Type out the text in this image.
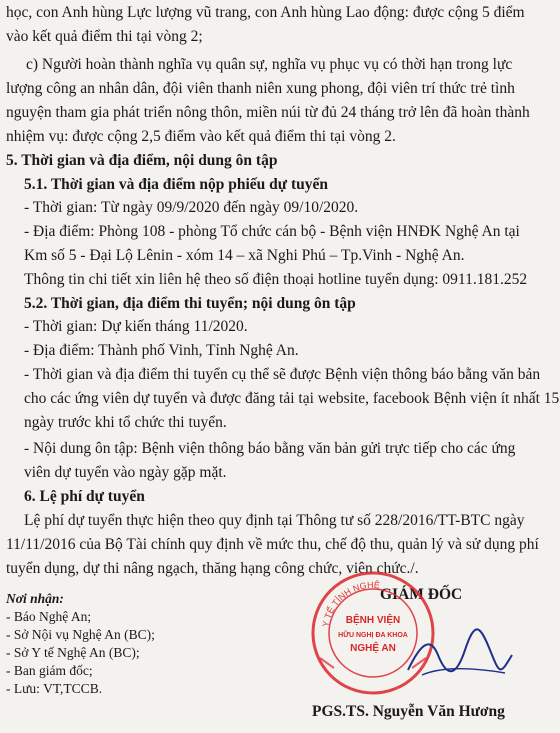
học, con Anh hùng Lực lượng vũ trang, con Anh hùng Lao động: được cộng 5 điểm
vào kết quả điểm thi tại vòng 2;
c) Người hoàn thành nghĩa vụ quân sự, nghĩa vụ phục vụ có thời hạn trong lực
lượng công an nhân dân, đội viên thanh niên xung phong, đội viên trí thức trẻ tình
nguyện tham gia phát triển nông thôn, miền núi từ đủ 24 tháng trở lên đã hoàn thành
nhiệm vụ: được cộng 2,5 điểm vào kết quả điểm thi tại vòng 2.
5. Thời gian và địa điểm, nội dung ôn tập
5.1. Thời gian và địa điểm nộp phiếu dự tuyển
- Thời gian: Từ ngày 09/9/2020 đến ngày 09/10/2020.
- Địa điểm: Phòng 108 - phòng Tổ chức cán bộ - Bệnh viện HNĐK Nghệ An tại
Km số 5 - Đại Lộ Lênin - xóm 14 – xã Nghi Phú – Tp.Vinh - Nghệ An.
Thông tin chi tiết xin liên hệ theo số điện thoại hotline tuyển dụng: 0911.181.252
5.2. Thời gian, địa điểm thi tuyển; nội dung ôn tập
- Thời gian: Dự kiến tháng 11/2020.
- Địa điểm: Thành phố Vinh, Tỉnh Nghệ An.
- Thời gian và địa điểm thi tuyển cụ thể sẽ được Bệnh viện thông báo bằng văn bản
cho các ứng viên dự tuyển và được đăng tải tại website, facebook Bệnh viện ít nhất 15
ngày trước khi tổ chức thi tuyển.
- Nội dung ôn tập: Bệnh viện thông báo bằng văn bản gửi trực tiếp cho các ứng
viên dự tuyển vào ngày gặp mặt.
6. Lệ phí dự tuyển
Lệ phí dự tuyển thực hiện theo quy định tại Thông tư số 228/2016/TT-BTC ngày
11/11/2016 của Bộ Tài chính quy định về mức thu, chế độ thu, quản lý và sử dụng phí
tuyển dụng, dự thi nâng ngạch, thăng hạng công chức, viên chức./.
Nơi nhận:
- Báo Nghệ An;
- Sở Nội vụ Nghệ An (BC);
- Sở Y tế Nghệ An (BC);
- Ban giám đốc;
- Lưu: VT,TCCB.
GIÁM ĐỐC
Y TẾ TỈNH NGHỆ
BỆNH VIỆN
HỮU NGHỊ ĐA KHOA
NGHỆ AN
PGS.TS. Nguyễn Văn Hương
